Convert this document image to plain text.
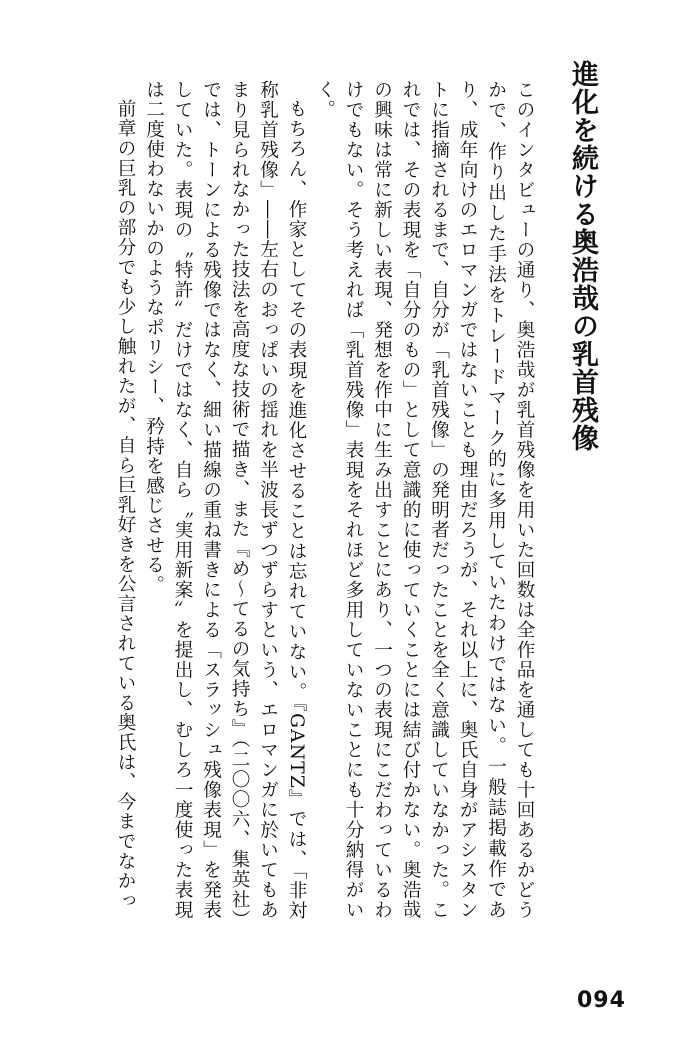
進化を続ける奥浩哉の乳首残像

このインタビューの通り、奥浩哉が乳首残像を用いた回数は全作品を通しても十回あるかどうかで、作り出した手法をトレードマーク的に多用していたわけではない。一般誌掲載作であり、成年向けのエロマンガではないことも理由だろうが、それ以上に、奥氏自身がアシスタントに指摘されるまで、自分が「乳首残像」の発明者だったことを全く意識していなかった。これでは、その表現を「自分のもの」として意識的に使っていくことには結び付かない。奥浩哉の興味は常に新しい表現、発想を作中に生み出すことにあり、一つの表現にこだわっているわけでもない。そう考えれば「乳首残像」表現をそれほど多用していないことにも十分納得がいく。

もちろん、作家としてその表現を進化させることは忘れていない。『GANTZ』では、「非対称乳首残像」――左右のおっぱいの揺れを半波長ずつずらすという、エロマンガに於いてもあまり見られなかった技法を高度な技術で描き、また『め～てるの気持ち』（二〇〇六、集英社）では、トーンによる残像ではなく、細い描線の重ね書きによる「スラッシュ残像表現」を発表していた。表現の〝特許〟だけではなく、自ら〝実用新案〟を提出し、むしろ一度使った表現は二度使わないかのようなポリシー、矜持を感じさせる。

前章の巨乳の部分でも少し触れたが、自ら巨乳好きを公言されている奥氏は、今までなかっ

094
